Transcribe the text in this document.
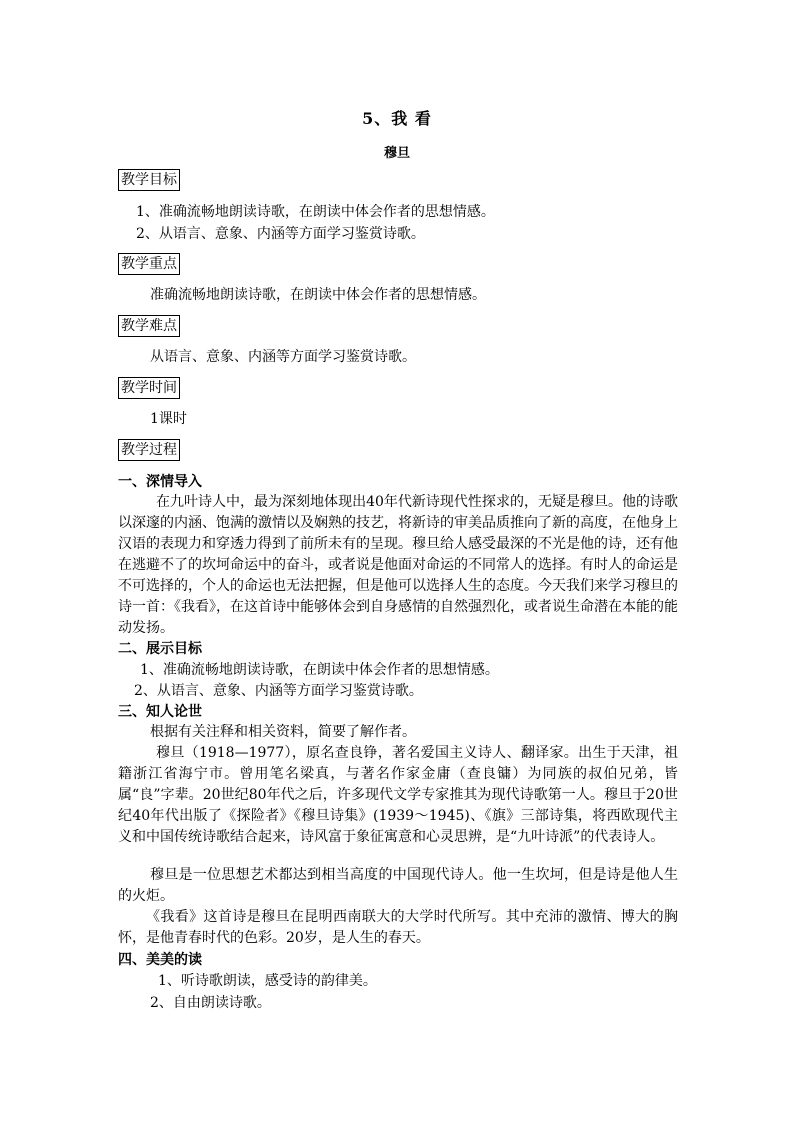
5、我 看
穆旦
教学目标
1、准确流畅地朗读诗歌，在朗读中体会作者的思想情感。
2、从语言、意象、内涵等方面学习鉴赏诗歌。
教学重点
准确流畅地朗读诗歌，在朗读中体会作者的思想情感。
教学难点
从语言、意象、内涵等方面学习鉴赏诗歌。
教学时间
1课时
教学过程
一、深情导入
在九叶诗人中，最为深刻地体现出40年代新诗现代性探求的，无疑是穆旦。他的诗歌以深邃的内涵、饱满的激情以及娴熟的技艺，将新诗的审美品质推向了新的高度，在他身上汉语的表现力和穿透力得到了前所未有的呈现。穆旦给人感受最深的不光是他的诗，还有他在逃避不了的坎坷命运中的奋斗，或者说是他面对命运的不同常人的选择。有时人的命运是不可选择的，个人的命运也无法把握，但是他可以选择人生的态度。今天我们来学习穆旦的诗一首：《我看》，在这首诗中能够体会到自身感情的自然强烈化，或者说生命潜在本能的能动发扬。
二、展示目标
1、准确流畅地朗读诗歌，在朗读中体会作者的思想情感。
2、从语言、意象、内涵等方面学习鉴赏诗歌。
三、知人论世
根据有关注释和相关资料，简要了解作者。
穆旦（1918—1977），原名查良铮，著名爱国主义诗人、翻译家。出生于天津，祖籍浙江省海宁市。曾用笔名梁真，与著名作家金庸（查良镛）为同族的叔伯兄弟，皆属“良”字辈。20世纪80年代之后，许多现代文学专家推其为现代诗歌第一人。穆旦于20世纪40年代出版了《探险者》《穆旦诗集》(1939～1945)、《旗》三部诗集，将西欧现代主义和中国传统诗歌结合起来，诗风富于象征寓意和心灵思辨，是“九叶诗派”的代表诗人。
穆旦是一位思想艺术都达到相当高度的中国现代诗人。他一生坎坷，但是诗是他人生的火炬。
《我看》这首诗是穆旦在昆明西南联大的大学时代所写。其中充沛的激情、博大的胸怀，是他青春时代的色彩。20岁，是人生的春天。
四、美美的读
1、听诗歌朗读，感受诗的韵律美。
2、自由朗读诗歌。
